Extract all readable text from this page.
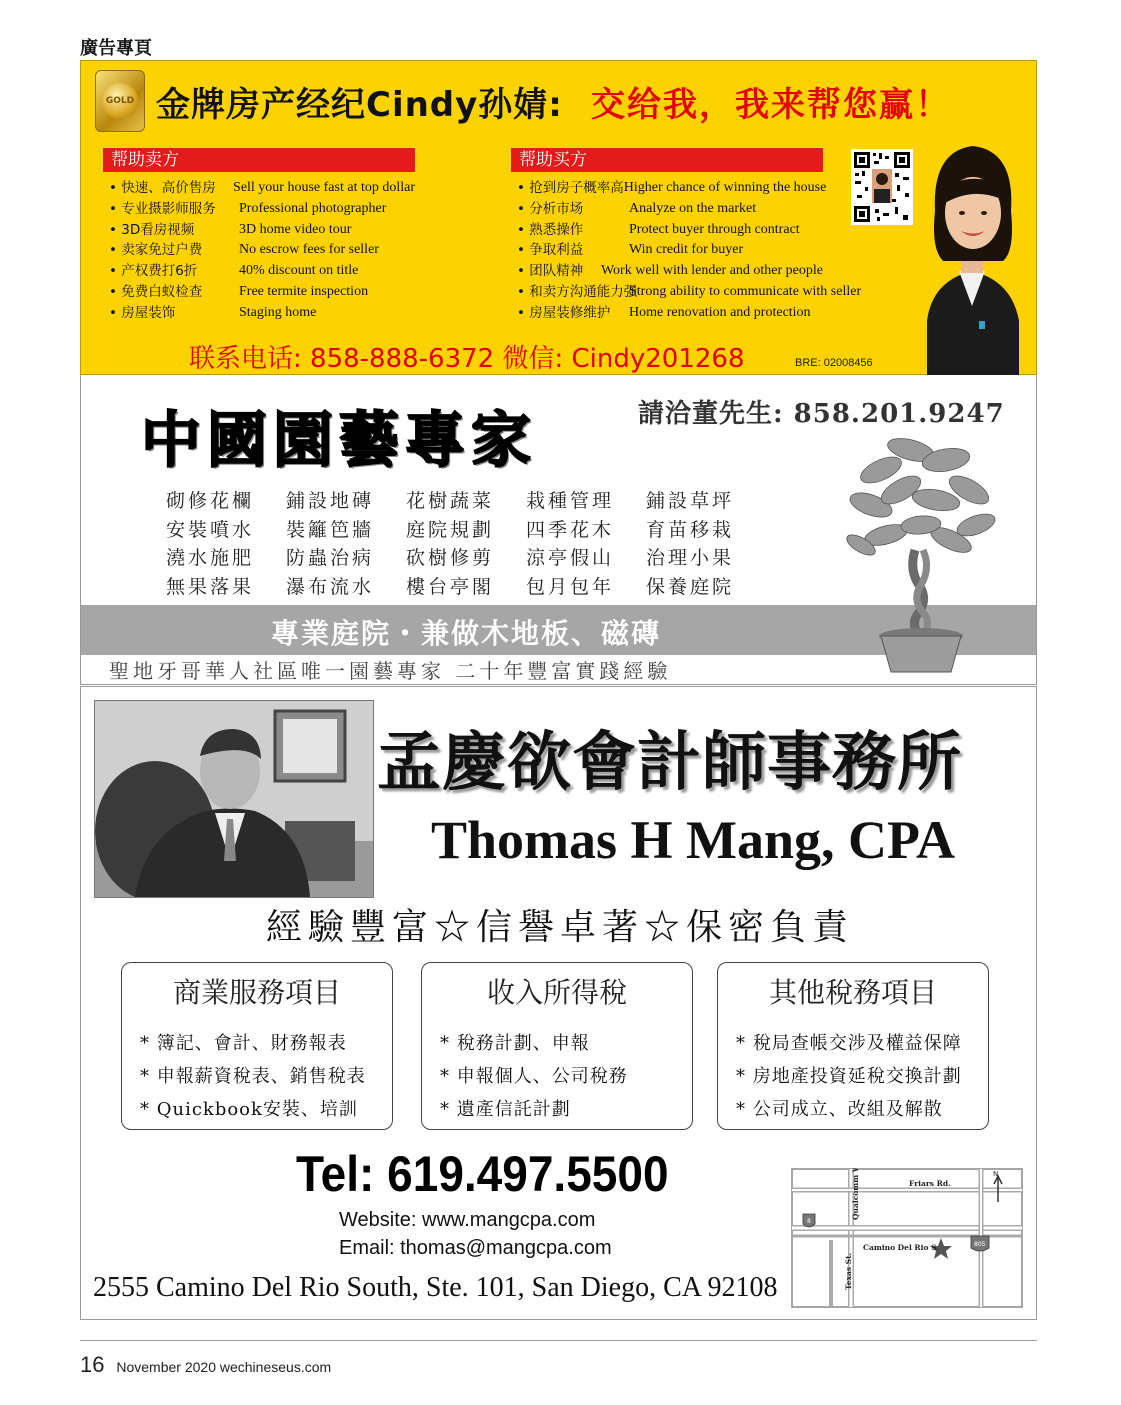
廣告專頁
GOLD 金牌房产经纪Cindy孙婧: 交给我，我来帮您赢！
帮助卖方
• 快速、高价售房	Sell your house fast at top dollar
• 专业摄影师服务	Professional photographer
• 3D看房视频	3D home video tour
• 卖家免过户费	No escrow fees for seller
• 产权费打6折	40% discount on title
• 免费白蚁检查	Free termite inspection
• 房屋装饰	Staging home
帮助买方
• 抢到房子概率高 Higher chance of winning the house
• 分析市场	Analyze on the market
• 熟悉操作	Protect buyer through contract
• 争取利益	Win credit for buyer
• 团队精神	Work well with lender and other people
• 和卖方沟通能力强
Strong ability to communicate with seller
• 房屋装修维护	Home renovation and protection
联系电话: 858-888-6372 微信: Cindy201268	BRE: 02008456
中國園藝專家	請洽董先生: 858.201.9247
砌修花欄	鋪設地磚	花樹蔬菜	栽種管理	鋪設草坪
安裝噴水	裝籬笆牆	庭院規劃	四季花木	育苗移栽
澆水施肥	防蟲治病	砍樹修剪	涼亭假山	治理小果
無果落果	瀑布流水	樓台亭閣	包月包年	保養庭院
專業庭院・兼做木地板、磁磚
聖地牙哥華人社區唯一園藝專家 二十年豐富實踐經驗
孟慶欲會計師事務所
Thomas H Mang, CPA
經驗豐富☆信譽卓著☆保密負責
商業服務項目
* 簿記、會計、財務報表
* 申報薪資稅表、銷售稅表
* Quickbook安裝、培訓
收入所得稅
* 稅務計劃、申報
* 申報個人、公司稅務
* 遺產信託計劃
其他稅務項目
* 稅局查帳交涉及權益保障
* 房地產投資延稅交換計劃
* 公司成立、改組及解散
Tel: 619.497.5500
Website: www.mangcpa.com
Email: thomas@mangcpa.com
2555 Camino Del Rio South, Ste. 101, San Diego, CA 92108
Friars Rd.
Qualcomm Way
Camino Del Rio S.
Texas St.
8
805
N
16 November 2020 wechineseus.com
